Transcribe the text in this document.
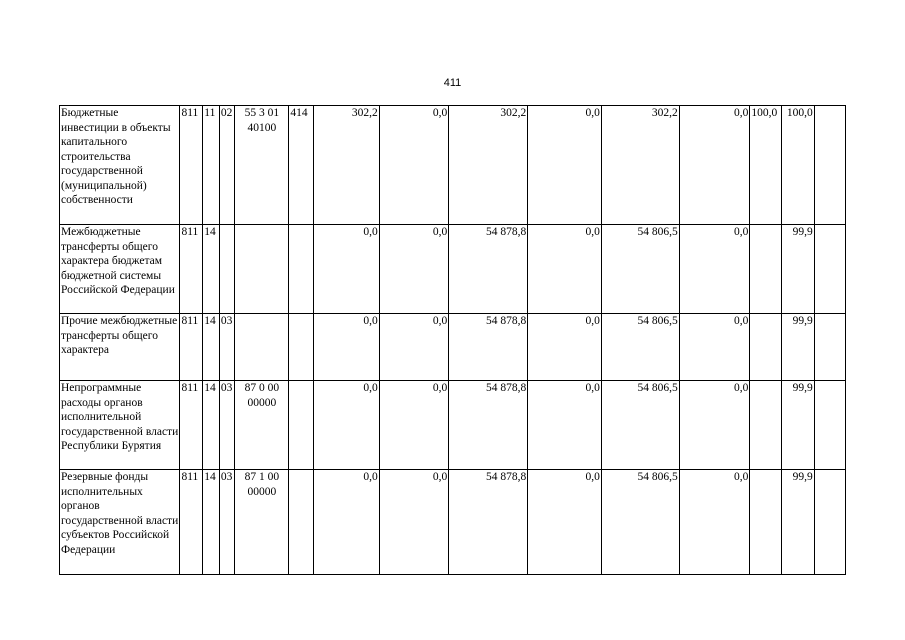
411
Бюджетные инвестиции в объекты капитального строительства государственной (муниципальной) собственности	811	11	02	55 3 01 40100	414	302,2	0,0	302,2	0,0	302,2	0,0	100,0	100,0	
Межбюджетные трансферты общего характера бюджетам бюджетной системы Российской Федерации	811	14				0,0	0,0	54 878,8	0,0	54 806,5	0,0		99,9	
Прочие межбюджетные трансферты общего характера	811	14	03			0,0	0,0	54 878,8	0,0	54 806,5	0,0		99,9	
Непрограммные расходы органов исполнительной государственной власти Республики Бурятия	811	14	03	87 0 00 00000		0,0	0,0	54 878,8	0,0	54 806,5	0,0		99,9	
Резервные фонды исполнительных органов государственной власти субъектов Российской Федерации	811	14	03	87 1 00 00000		0,0	0,0	54 878,8	0,0	54 806,5	0,0		99,9	
